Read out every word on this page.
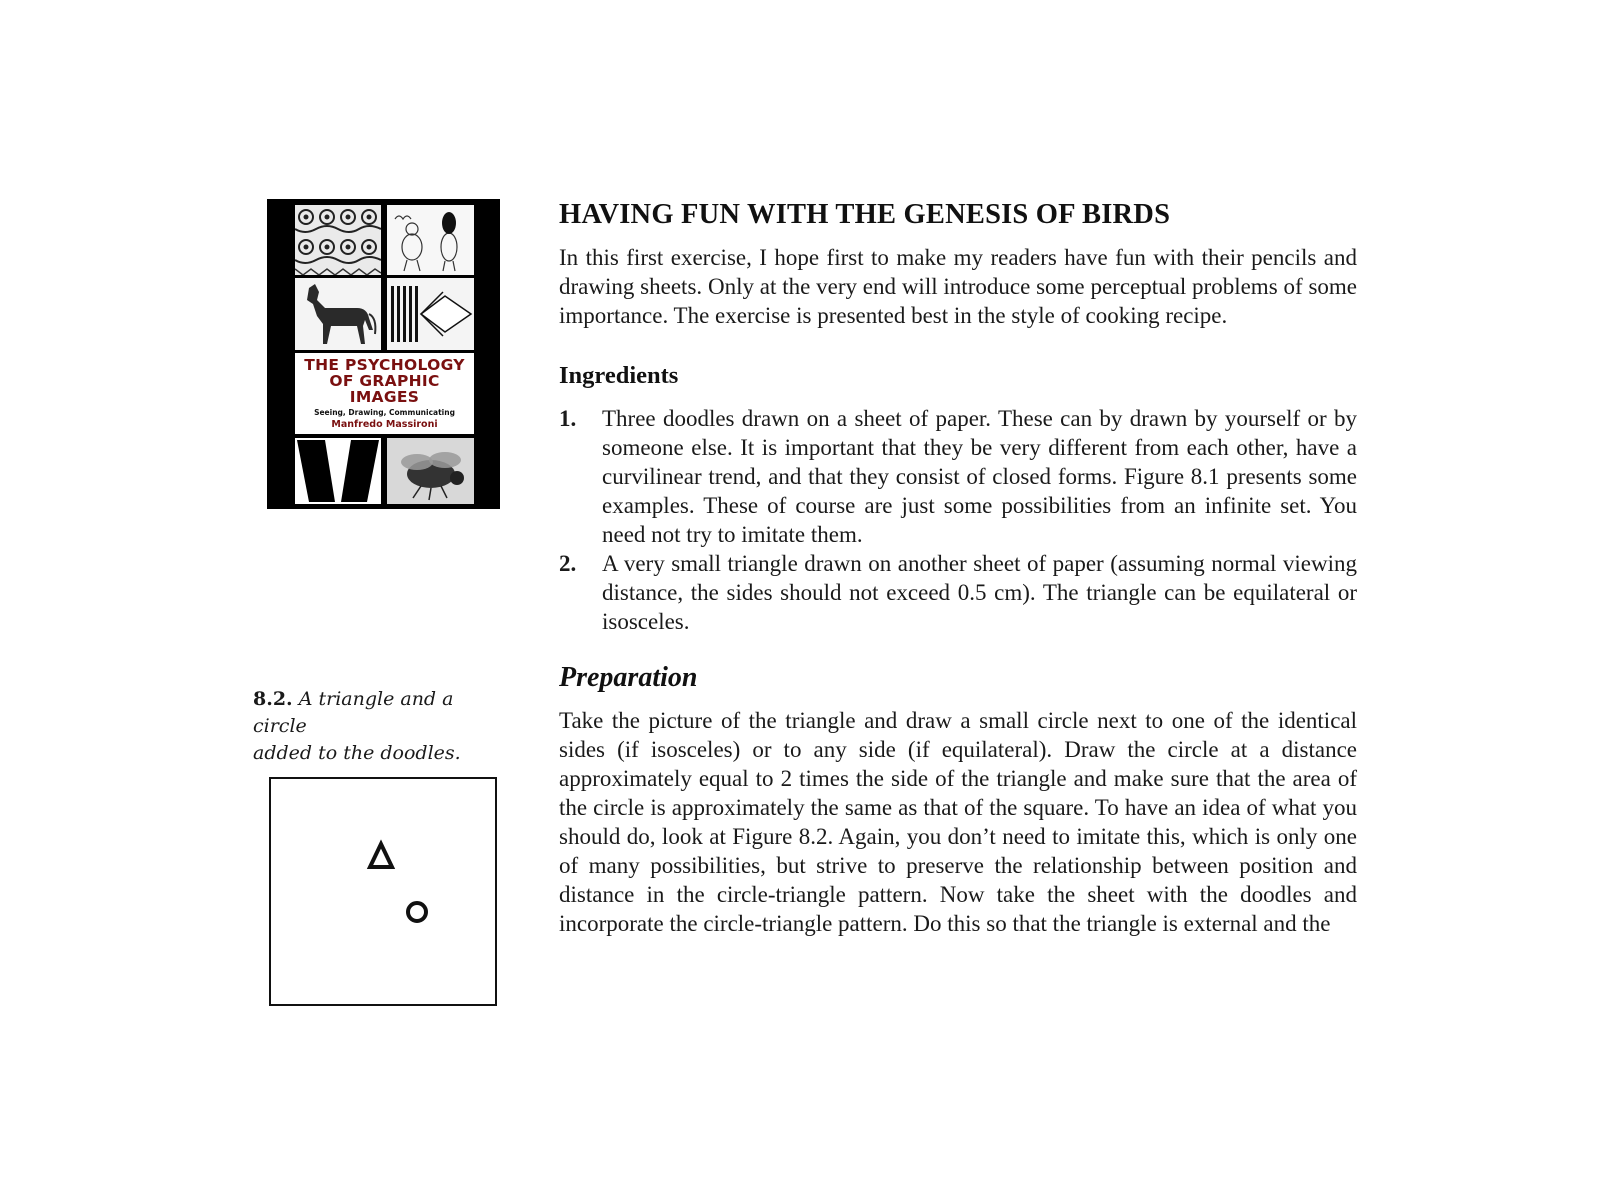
THE PSYCHOLOGY
OF GRAPHIC
IMAGES
Seeing, Drawing, Communicating
Manfredo Massironi
8.2. A triangle and a circle
added to the doodles.
HAVING FUN WITH THE GENESIS OF BIRDS

In this first exercise, I hope first to make my readers have fun with their pencils and drawing sheets. Only at the very end will introduce some perceptual problems of some importance. The exercise is presented best in the style of cooking recipe.

Ingredients
1. Three doodles drawn on a sheet of paper. These can by drawn by yourself or by someone else. It is important that they be very different from each other, have a curvilinear trend, and that they consist of closed forms. Figure 8.1 presents some examples. These of course are just some possibilities from an infinite set. You need not try to imitate them.
2. A very small triangle drawn on another sheet of paper (assuming normal viewing distance, the sides should not exceed 0.5 cm). The triangle can be equilateral or isosceles.
Preparation

Take the picture of the triangle and draw a small circle next to one of the identical sides (if isosceles) or to any side (if equilateral). Draw the circle at a distance approximately equal to 2 times the side of the triangle and make sure that the area of the circle is approximately the same as that of the square. To have an idea of what you should do, look at Figure 8.2. Again, you don’t need to imitate this, which is only one of many possibilities, but strive to preserve the relationship between position and distance in the circle-triangle pattern. Now take the sheet with the doodles and incorporate the circle-triangle pattern. Do this so that the triangle is external and the
